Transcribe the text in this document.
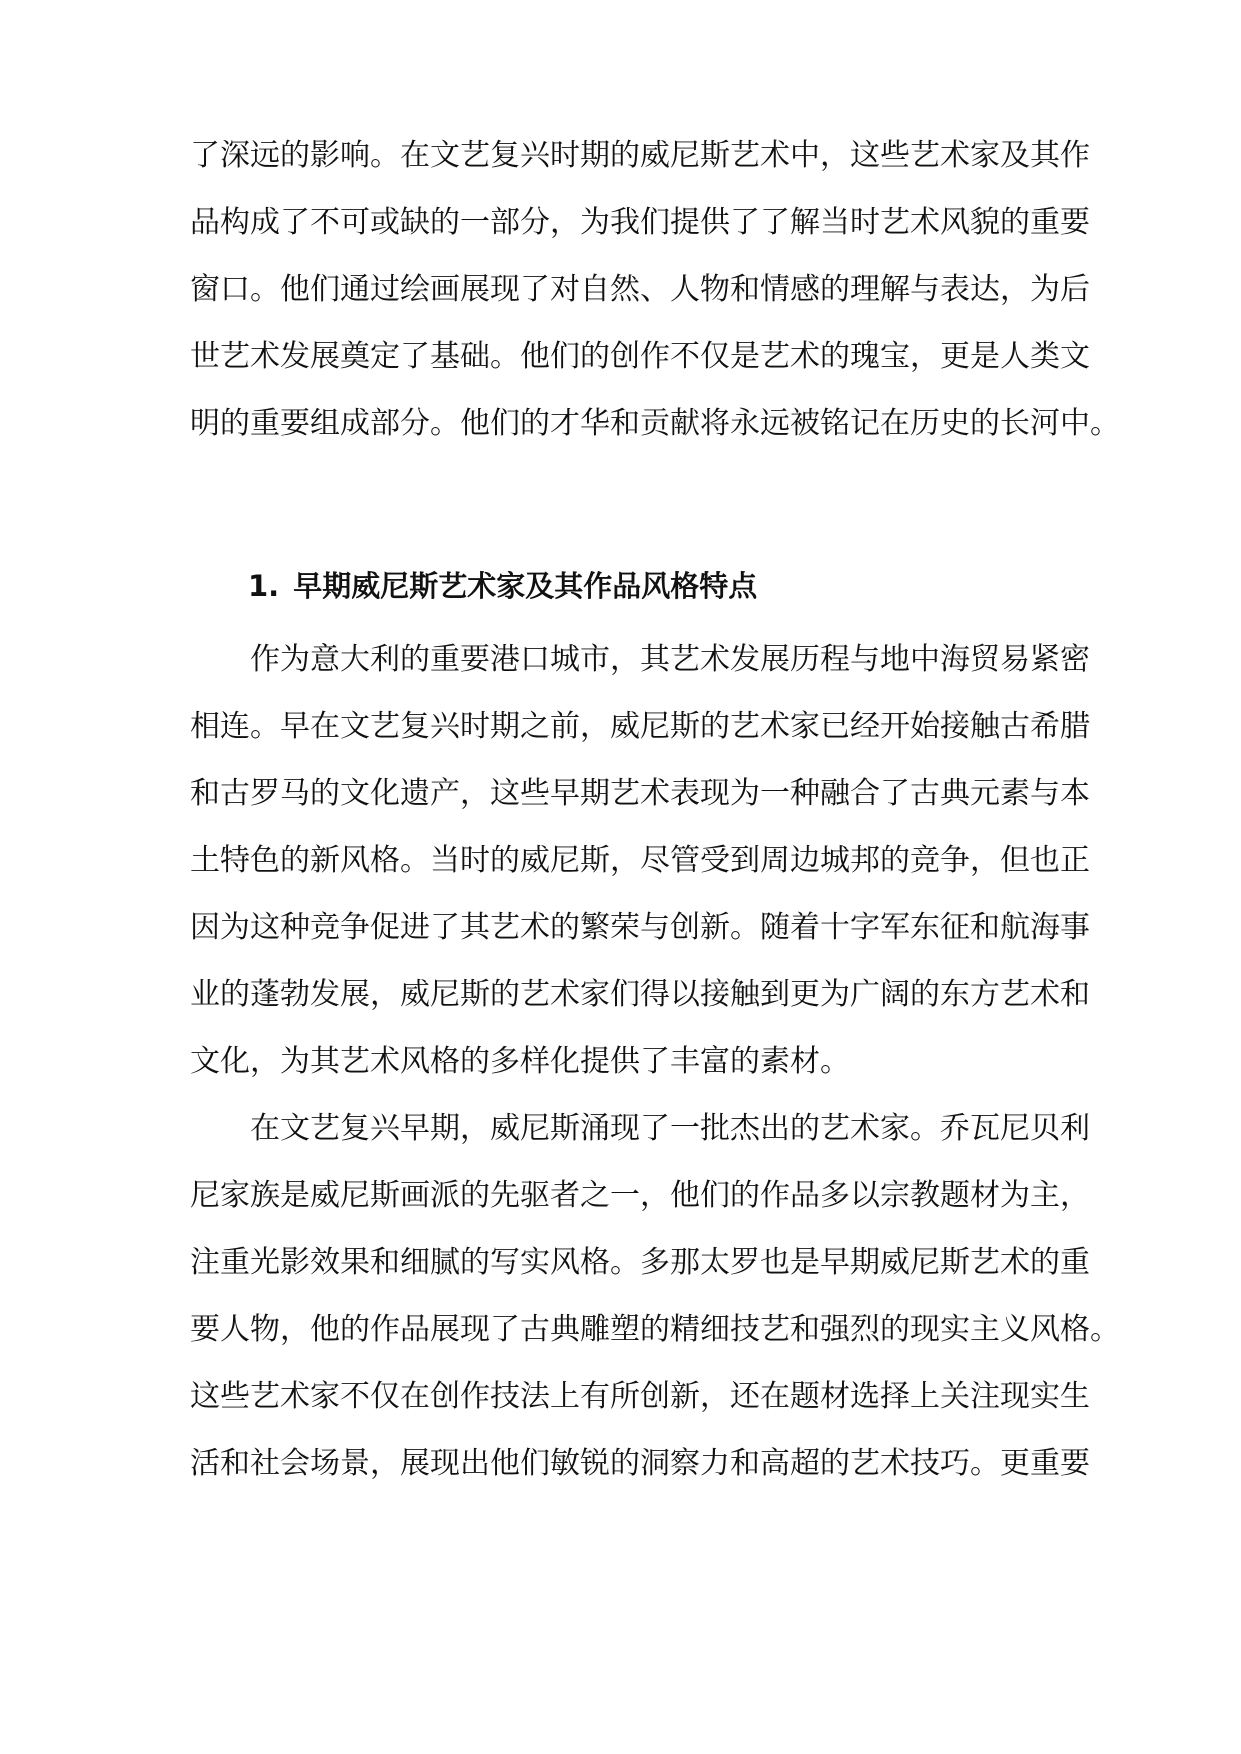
了深远的影响。在文艺复兴时期的威尼斯艺术中，这些艺术家及其作
品构成了不可或缺的一部分，为我们提供了了解当时艺术风貌的重要
窗口。他们通过绘画展现了对自然、人物和情感的理解与表达，为后
世艺术发展奠定了基础。他们的创作不仅是艺术的瑰宝，更是人类文
明的重要组成部分。他们的才华和贡献将永远被铭记在历史的长河中。
1. 早期威尼斯艺术家及其作品风格特点
作为意大利的重要港口城市，其艺术发展历程与地中海贸易紧密
相连。早在文艺复兴时期之前，威尼斯的艺术家已经开始接触古希腊
和古罗马的文化遗产，这些早期艺术表现为一种融合了古典元素与本
土特色的新风格。当时的威尼斯，尽管受到周边城邦的竞争，但也正
因为这种竞争促进了其艺术的繁荣与创新。随着十字军东征和航海事
业的蓬勃发展，威尼斯的艺术家们得以接触到更为广阔的东方艺术和
文化，为其艺术风格的多样化提供了丰富的素材。
在文艺复兴早期，威尼斯涌现了一批杰出的艺术家。乔瓦尼贝利
尼家族是威尼斯画派的先驱者之一，他们的作品多以宗教题材为主，
注重光影效果和细腻的写实风格。多那太罗也是早期威尼斯艺术的重
要人物，他的作品展现了古典雕塑的精细技艺和强烈的现实主义风格。
这些艺术家不仅在创作技法上有所创新，还在题材选择上关注现实生
活和社会场景，展现出他们敏锐的洞察力和高超的艺术技巧。更重要
